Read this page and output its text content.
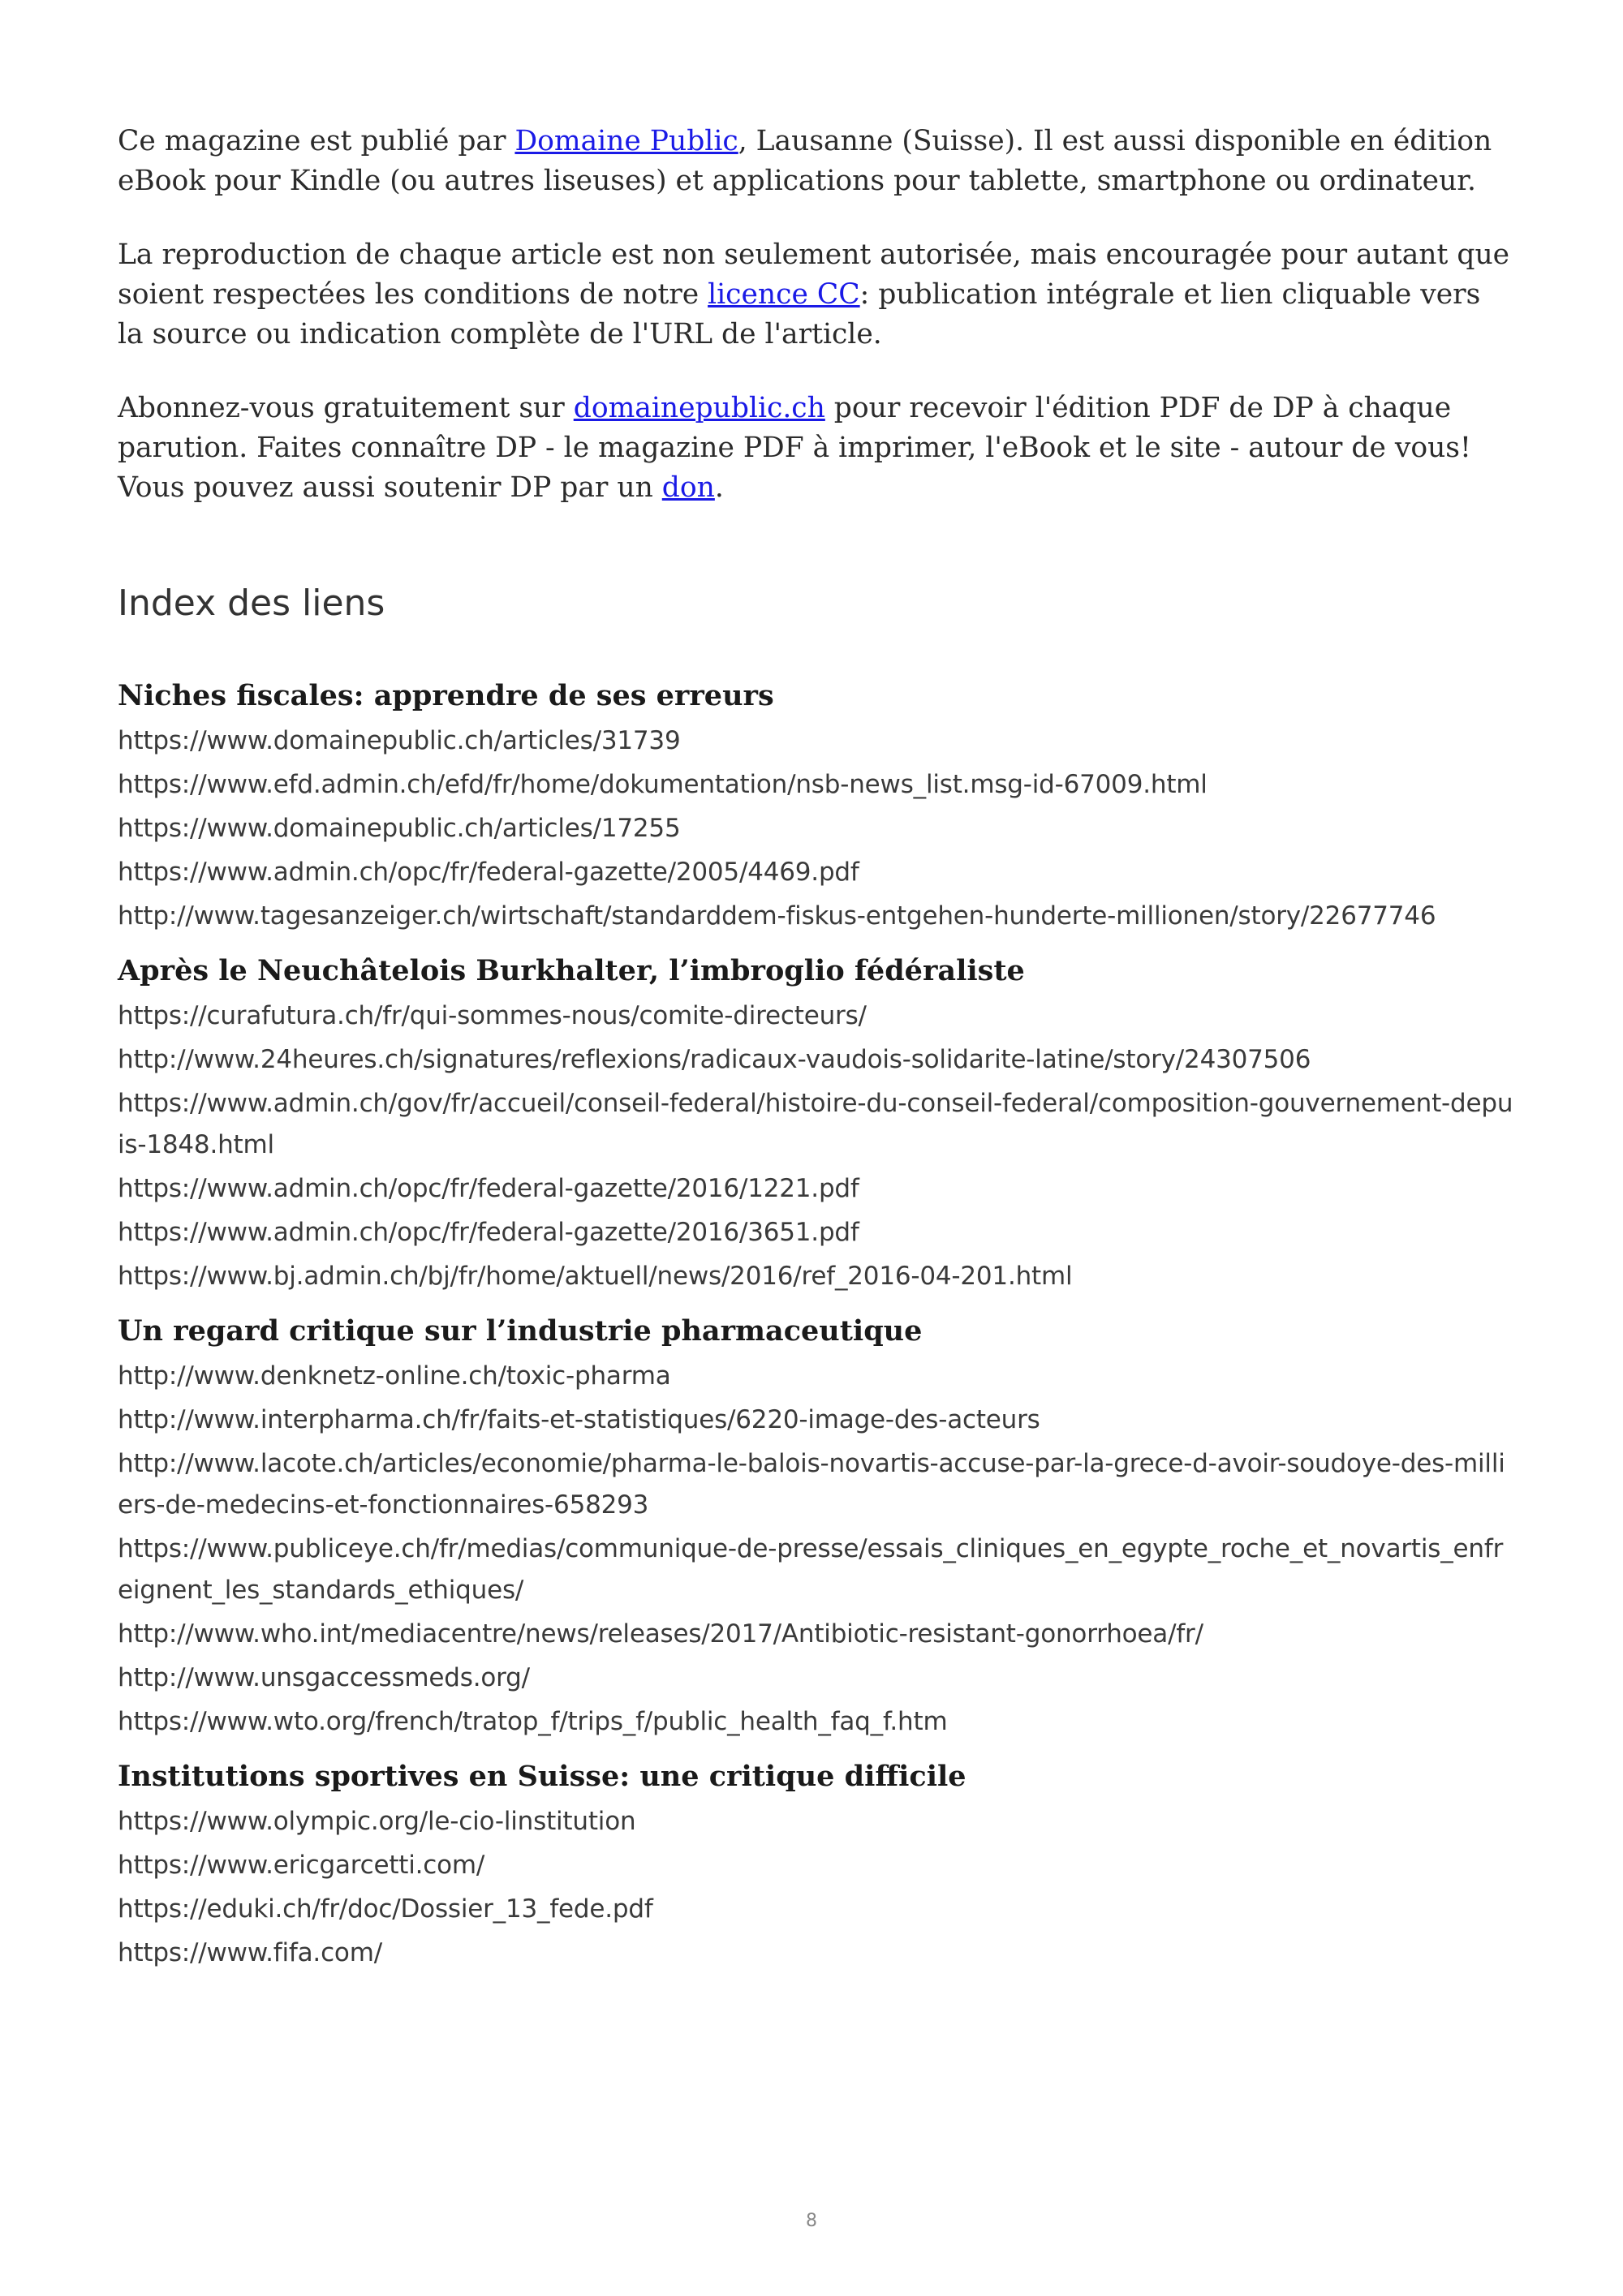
Ce magazine est publié par Domaine Public, Lausanne (Suisse). Il est aussi disponible en édition eBook pour Kindle (ou autres liseuses) et applications pour tablette, smartphone ou ordinateur.

La reproduction de chaque article est non seulement autorisée, mais encouragée pour autant que soient respectées les conditions de notre licence CC: publication intégrale et lien cliquable vers la source ou indication complète de l'URL de l'article.

Abonnez-vous gratuitement sur domainepublic.ch pour recevoir l'édition PDF de DP à chaque parution. Faites connaître DP - le magazine PDF à imprimer, l'eBook et le site - autour de vous! Vous pouvez aussi soutenir DP par un don.

Index des liens
Niches fiscales: apprendre de ses erreurs
https://www.domainepublic.ch/articles/31739
https://www.efd.admin.ch/efd/fr/home/dokumentation/nsb-news_list.msg-id-67009.html
https://www.domainepublic.ch/articles/17255
https://www.admin.ch/opc/fr/federal-gazette/2005/4469.pdf
http://www.tagesanzeiger.ch/wirtschaft/standarddem-fiskus-entgehen-hunderte-millionen/story/22677746
Après le Neuchâtelois Burkhalter, l’imbroglio fédéraliste
https://curafutura.ch/fr/qui-sommes-nous/comite-directeurs/
http://www.24heures.ch/signatures/reflexions/radicaux-vaudois-solidarite-latine/story/24307506
https://www.admin.ch/gov/fr/accueil/conseil-federal/histoire-du-conseil-federal/composition-gouvernement-depuis-1848.html
https://www.admin.ch/opc/fr/federal-gazette/2016/1221.pdf
https://www.admin.ch/opc/fr/federal-gazette/2016/3651.pdf
https://www.bj.admin.ch/bj/fr/home/aktuell/news/2016/ref_2016-04-201.html
Un regard critique sur l’industrie pharmaceutique
http://www.denknetz-online.ch/toxic-pharma
http://www.interpharma.ch/fr/faits-et-statistiques/6220-image-des-acteurs
http://www.lacote.ch/articles/economie/pharma-le-balois-novartis-accuse-par-la-grece-d-avoir-soudoye-des-milliers-de-medecins-et-fonctionnaires-658293
https://www.publiceye.ch/fr/medias/communique-de-presse/essais_cliniques_en_egypte_roche_et_novartis_enfreignent_les_standards_ethiques/
http://www.who.int/mediacentre/news/releases/2017/Antibiotic-resistant-gonorrhoea/fr/
http://www.unsgaccessmeds.org/
https://www.wto.org/french/tratop_f/trips_f/public_health_faq_f.htm
Institutions sportives en Suisse: une critique difficile
https://www.olympic.org/le-cio-linstitution
https://www.ericgarcetti.com/
https://eduki.ch/fr/doc/Dossier_13_fede.pdf
https://www.fifa.com/
8
